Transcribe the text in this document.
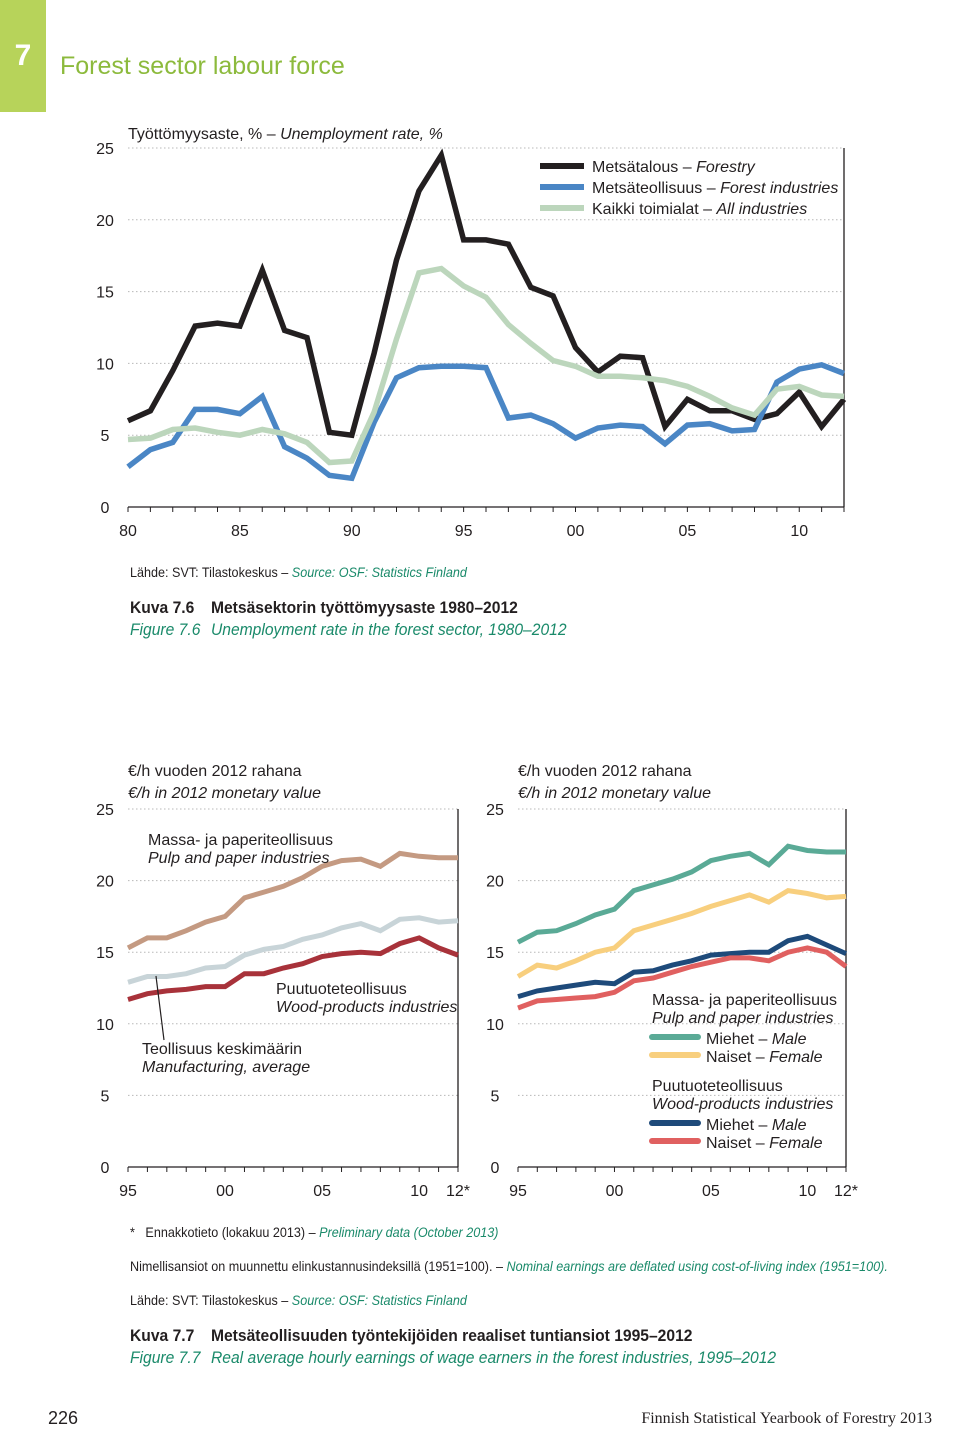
7	Forest sector labour force
Työttömyysaste, % – Unemployment rate, %
0
5
10
15
20
25
80	85	90	95	00	05	10
Metsätalous – Forestry
Metsäteollisuus – Forest industries
Kaikki toimialat – All industries
Lähde: SVT: Tilastokeskus – Source: OSF: Statistics Finland
Kuva 7.6 Metsäsektorin työttömyysaste 1980–2012
Figure 7.6 Unemployment rate in the forest sector, 1980–2012
€/h vuoden 2012 rahana
€/h in 2012 monetary value
0
5
10
15
20
25
95	00	05	10 12*
Massa- ja paperiteollisuus
Pulp and paper industries
Puutuoteteollisuus
Wood-products industries
Teollisuus keskimäärin
Manufacturing, average
€/h vuoden 2012 rahana
€/h in 2012 monetary value
0
5
10
15
20
25
95	00	05	10 12*
Massa- ja paperiteollisuus
Pulp and paper industries
Miehet – Male
Naiset – Female
Puutuoteteollisuus
Wood-products industries
Miehet – Male
Naiset – Female
* Ennakkotieto (lokakuu 2013) – Preliminary data (October 2013)
Nimellisansiot on muunnettu elinkustannusindeksillä (1951=100). – Nominal earnings are deflated using cost-of-living index (1951=100).
Lähde: SVT: Tilastokeskus – Source: OSF: Statistics Finland
Kuva 7.7 Metsäteollisuuden työntekijöiden reaaliset tuntiansiot 1995–2012
Figure 7.7 Real average hourly earnings of wage earners in the forest industries, 1995–2012
226	Finnish Statistical Yearbook of Forestry 2013
